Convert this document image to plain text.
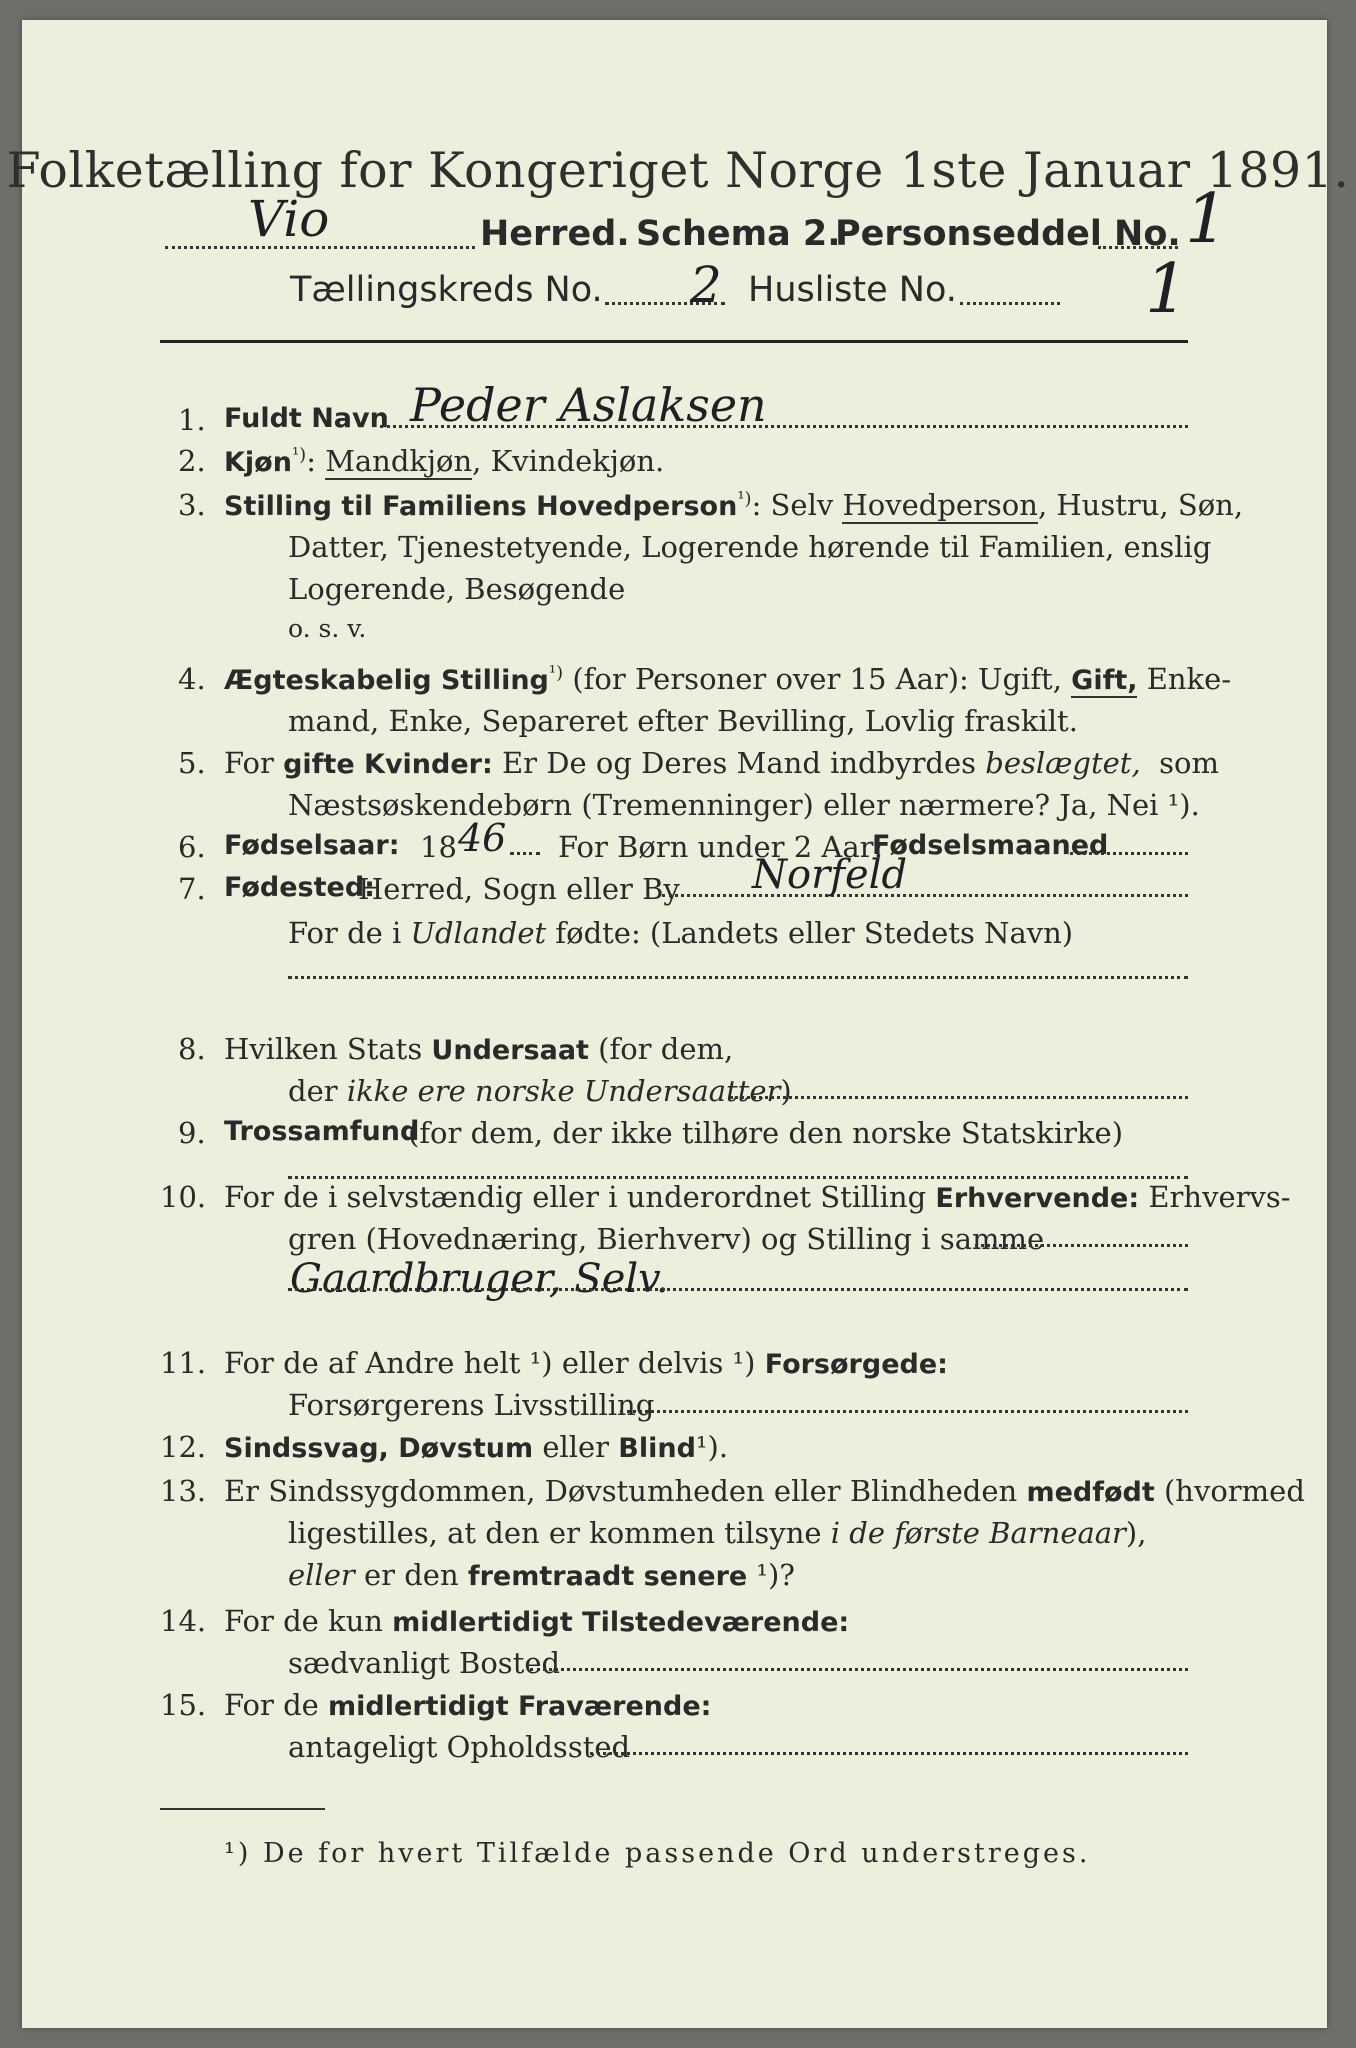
Folketælling for Kongeriget Norge 1ste Januar 1891.
Vio	Herred. Schema 2.
Personseddel No. 1
Tællingskreds No. 2 Husliste No.	1
1. Fuldt Navn Peder Aslaksen
2. Kjøn$^{^1)}$: Mandkjøn, Kvindekjøn.
3. Stilling til Familiens Hovedperson$^{^1)}$: Selv Hovedperson, Hustru, Søn,
Datter, Tjenestetyende, Logerende hørende til Familien, enslig
Logerende, Besøgende
o. s. v.
4. Ægteskabelig Stilling$^{^1)}$ (for Personer over 15 Aar): Ugift, Gift, Enke-
mand, Enke, Separeret efter Bevilling, Lovlig fraskilt.
5. For gifte Kvinder: Er De og Deres Mand indbyrdes beslægtet, som
Næstsøskendebørn (Tremenninger) eller nærmere? Ja, Nei ¹).
6. Fødselsaar: 18 46 For Børn under 2 Aar:
Fødselsmaaned
7. Fødested:
Herred, Sogn eller By Norfeld
For de i Udlandet fødte: (Landets eller Stedets Navn)
8. Hvilken Stats Undersaat (for dem,
der ikke ere norske Undersaatter)
9. Trossamfund
(for dem, der ikke tilhøre den norske Statskirke)
10. For de i selvstændig eller i underordnet Stilling Erhvervende: Erhvervs-
gren (Hovednæring, Bierhverv) og Stilling i samme
Gaardbruger, Selv.
11. For de af Andre helt ¹) eller delvis ¹) Forsørgede:
Forsørgerens Livsstilling
12. Sindssvag, Døvstum eller Blind¹).
13. Er Sindssygdommen, Døvstumheden eller Blindheden medfødt (hvormed
ligestilles, at den er kommen tilsyne i de første Barneaar),
eller er den fremtraadt senere ¹)?
14. For de kun midlertidigt Tilstedeværende:
sædvanligt Bosted
15. For de midlertidigt Fraværende:
antageligt Opholdssted
¹) De for hvert Tilfælde passende Ord understreges.
